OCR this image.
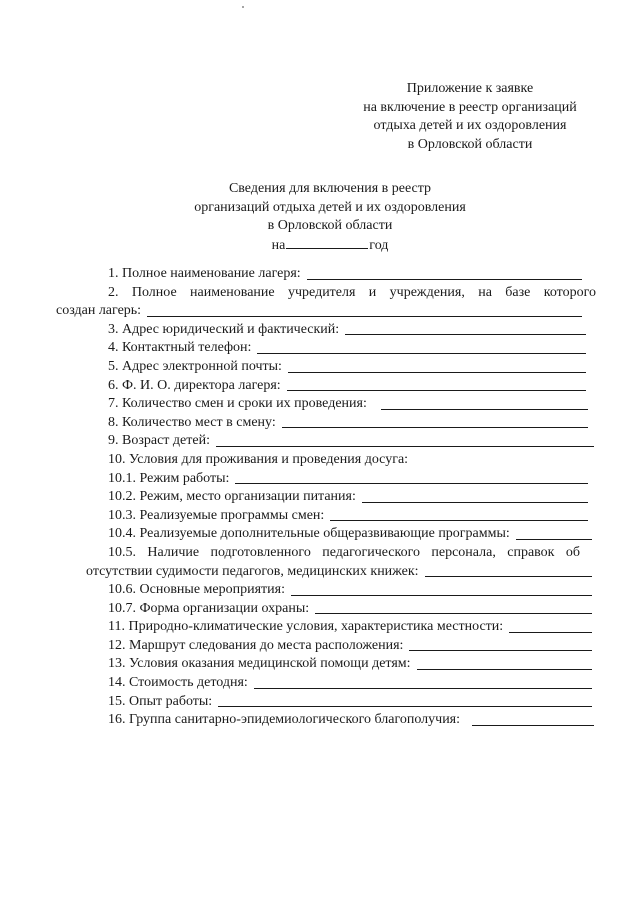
Приложение к заявке
на включение в реестр организаций
отдыха детей и их оздоровления
в Орловской области
Сведения для включения в реестр
организаций отдыха детей и их оздоровления
в Орловской области
на	год
1. Полное наименование лагеря:
2. Полное наименование учредителя и учреждения, на базе которого
создан лагерь:
3. Адрес юридический и фактический:
4. Контактный телефон:
5. Адрес электронной почты:
6. Ф. И. О. директора лагеря:
7. Количество смен и сроки их проведения:
8. Количество мест в смену:
9. Возраст детей:
10. Условия для проживания и проведения досуга:
10.1. Режим работы:
10.2. Режим, место организации питания:
10.3. Реализуемые программы смен:
10.4. Реализуемые дополнительные общеразвивающие программы:
10.5. Наличие подготовленного педагогического персонала, справок об
отсутствии судимости педагогов, медицинских книжек:
10.6. Основные мероприятия:
10.7. Форма организации охраны:
11. Природно-климатические условия, характеристика местности:
12. Маршрут следования до места расположения:
13. Условия оказания медицинской помощи детям:
14. Стоимость детодня:
15. Опыт работы:
16. Группа санитарно-эпидемиологического благополучия:
